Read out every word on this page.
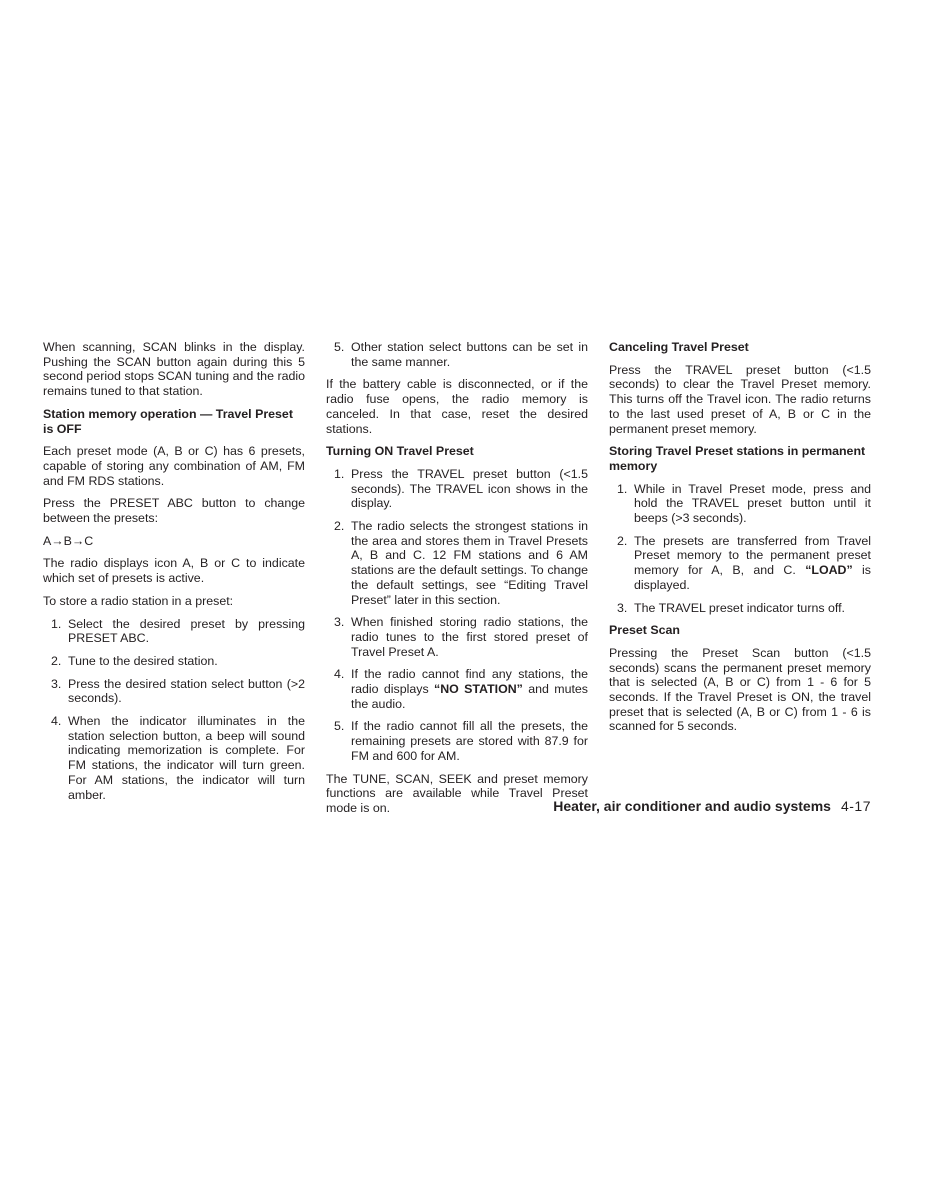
When scanning, SCAN blinks in the display. Pushing the SCAN button again during this 5 second period stops SCAN tuning and the radio remains tuned to that station.

Station memory operation — Travel Preset is OFF

Each preset mode (A, B or C) has 6 presets, capable of storing any combination of AM, FM and FM RDS stations.

Press the PRESET ABC button to change between the presets:

A→B→C

The radio displays icon A, B or C to indicate which set of presets is active.

To store a radio station in a preset:

1. Select the desired preset by pressing PRESET ABC.
2. Tune to the desired station.
3. Press the desired station select button (>2 seconds).
4. When the indicator illuminates in the station selection button, a beep will sound indicating memorization is complete. For FM stations, the indicator will turn green. For AM stations, the indicator will turn amber.
5. Other station select buttons can be set in the same manner.

If the battery cable is disconnected, or if the radio fuse opens, the radio memory is canceled. In that case, reset the desired stations.

Turning ON Travel Preset
1. Press the TRAVEL preset button (<1.5 seconds). The TRAVEL icon shows in the display.
2. The radio selects the strongest stations in the area and stores them in Travel Presets A, B and C. 12 FM stations and 6 AM stations are the default settings. To change the default settings, see “Editing Travel Preset” later in this section.
3. When finished storing radio stations, the radio tunes to the first stored preset of Travel Preset A.
4. If the radio cannot find any stations, the radio displays “NO STATION” and mutes the audio.
5. If the radio cannot fill all the presets, the remaining presets are stored with 87.9 for FM and 600 for AM.

The TUNE, SCAN, SEEK and preset memory functions are available while Travel Preset mode is on.

Canceling Travel Preset

Press the TRAVEL preset button (<1.5 seconds) to clear the Travel Preset memory. This turns off the Travel icon. The radio returns to the last used preset of A, B or C in the permanent preset memory.

Storing Travel Preset stations in permanent memory
1. While in Travel Preset mode, press and hold the TRAVEL preset button until it beeps (>3 seconds).
2. The presets are transferred from Travel Preset memory to the permanent preset memory for A, B, and C. “LOAD” is displayed.
3. The TRAVEL preset indicator turns off.
Preset Scan

Pressing the Preset Scan button (<1.5 seconds) scans the permanent preset memory that is selected (A, B or C) from 1 - 6 for 5 seconds. If the Travel Preset is ON, the travel preset that is selected (A, B or C) from 1 - 6 is scanned for 5 seconds.

Heater, air conditioner and audio systems 4-17
